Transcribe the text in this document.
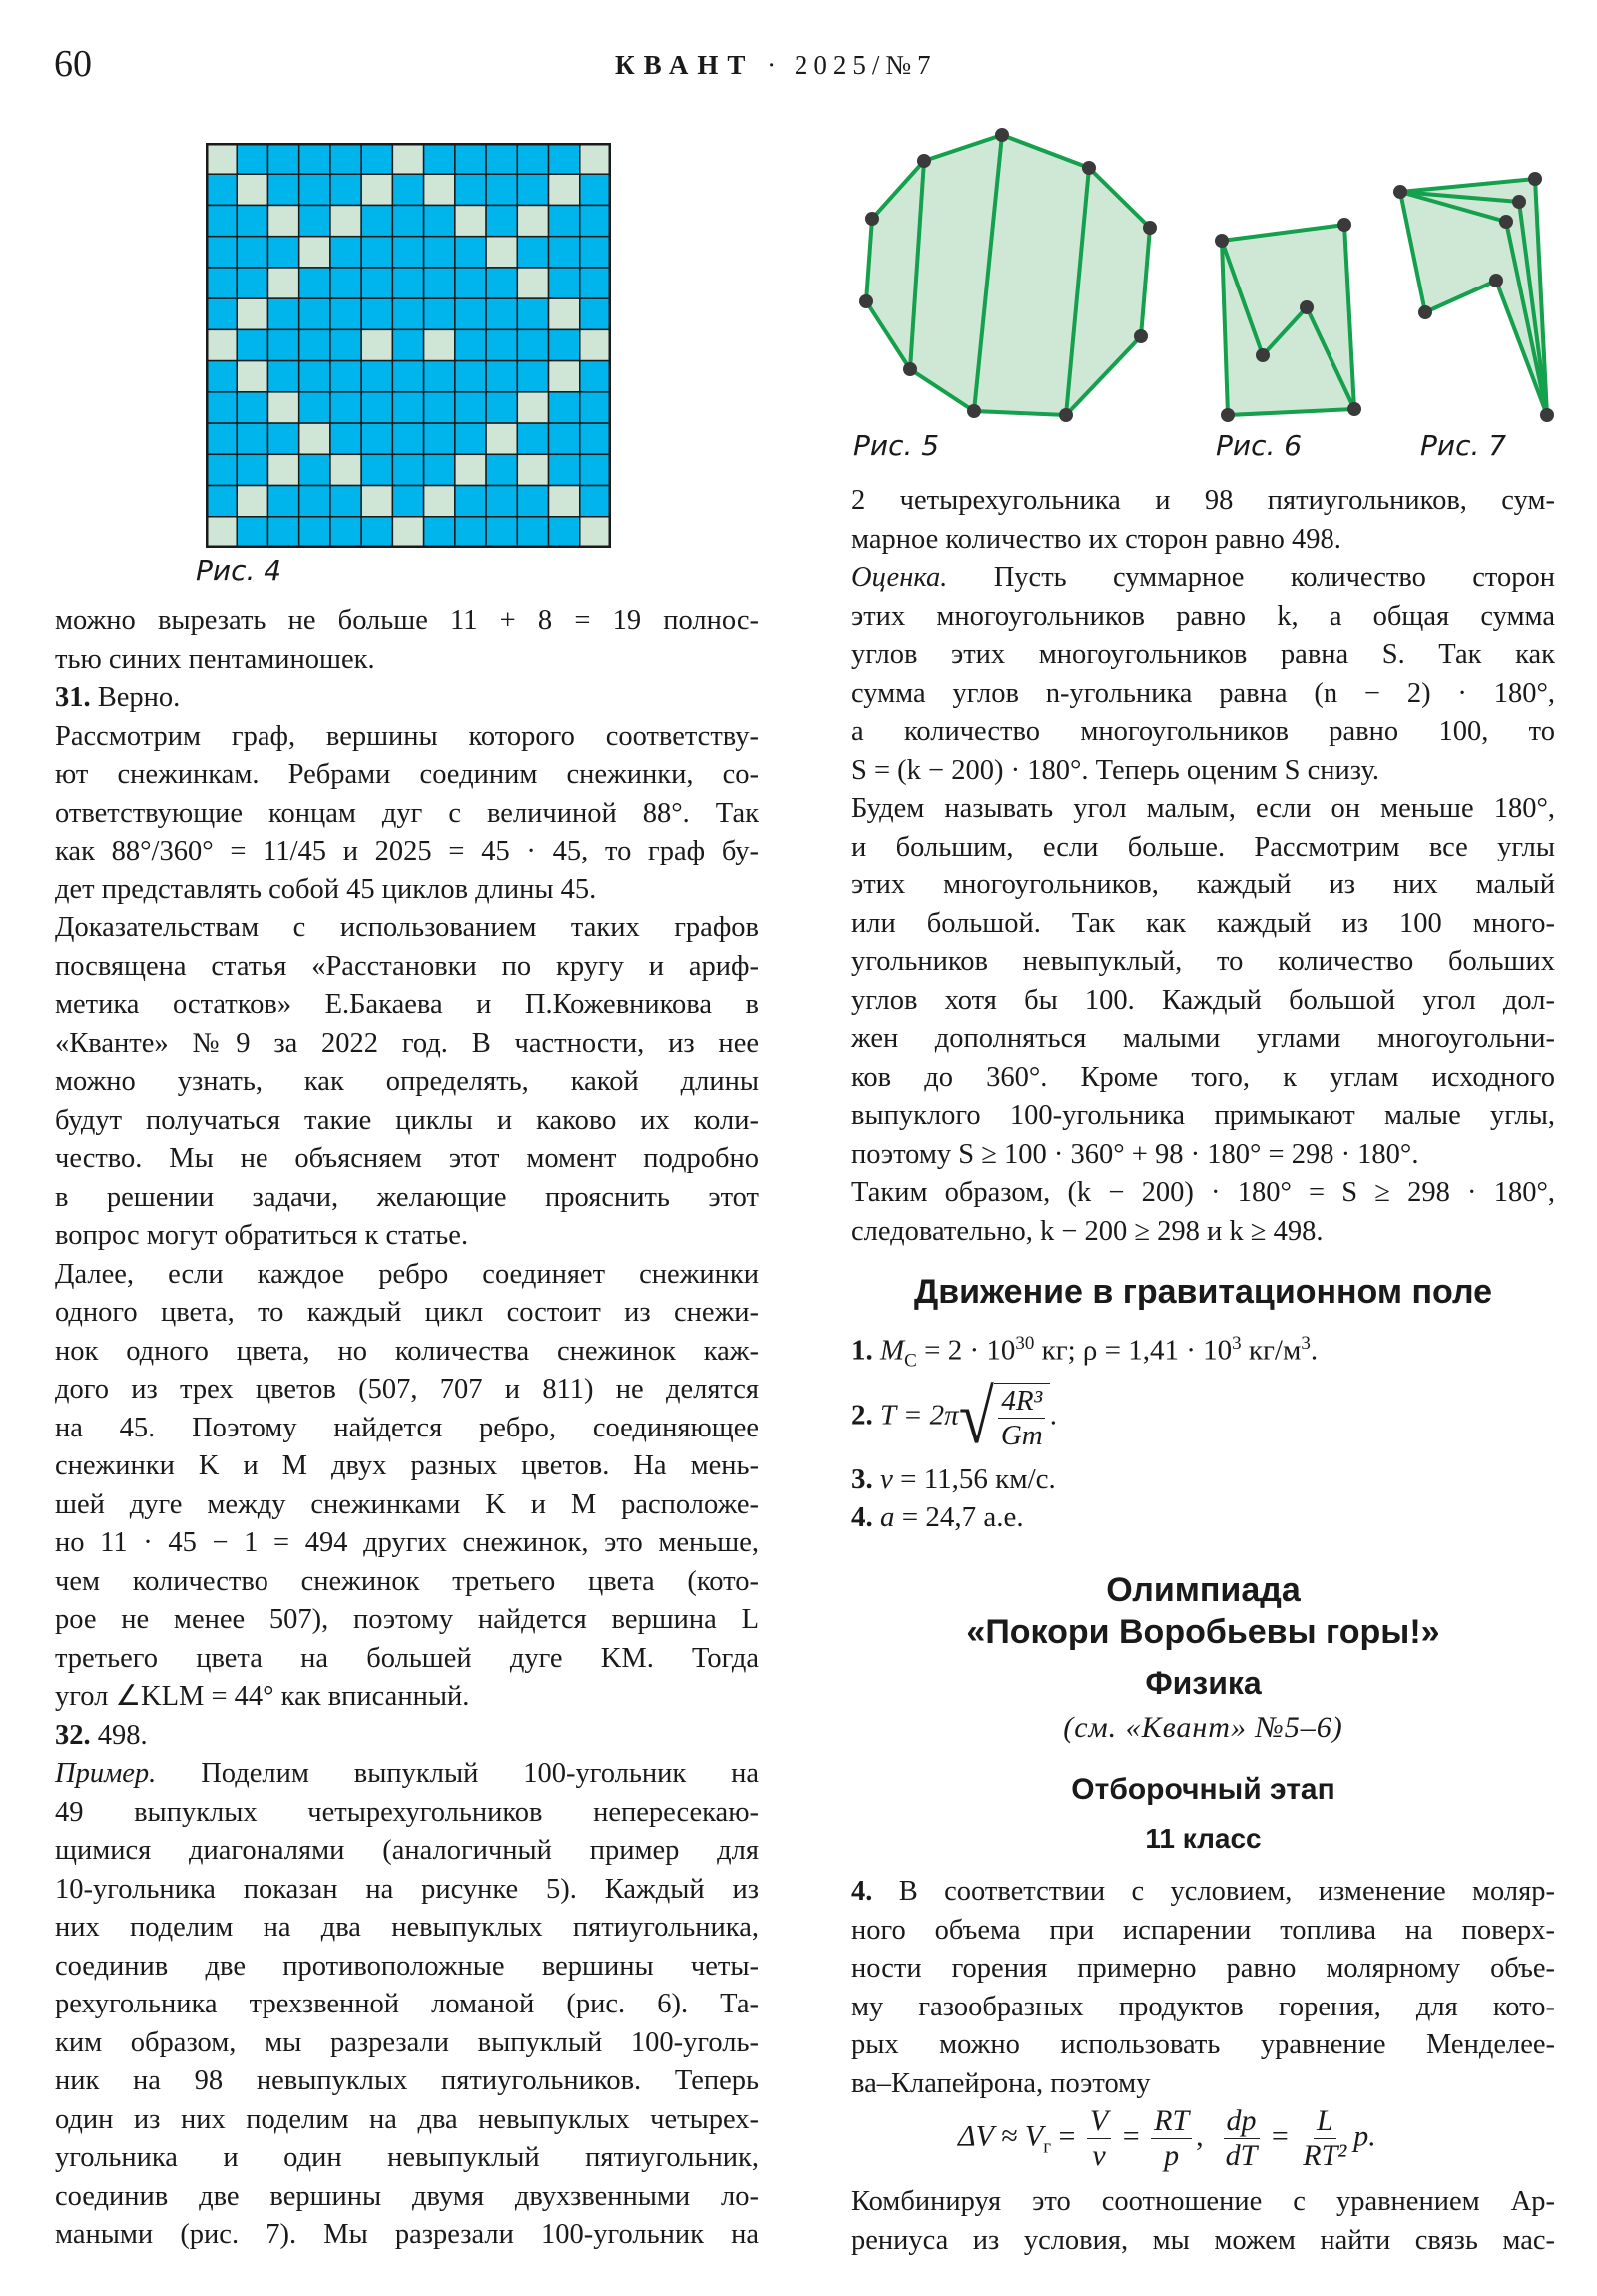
60	КВАНТ · 2025/№7
Рис. 4
Рис. 5	Рис. 6	Рис. 7
можно вырезать не больше 11 + 8 = 19 полнос-
тью синих пентаминошек.
31. Верно.
Рассмотрим граф, вершины которого соответству-
ют снежинкам. Ребрами соединим снежинки, со-
ответствующие концам дуг с величиной 88°. Так
как 88°/360° = 11/45 и 2025 = 45 · 45, то граф бу-
дет представлять собой 45 циклов длины 45.
Доказательствам с использованием таких графов
посвящена статья «Расстановки по кругу и ариф-
метика остатков» Е.Бакаева и П.Кожевникова в
«Кванте» №9 за 2022 год. В частности, из нее
можно узнать, как определять, какой длины
будут получаться такие циклы и каково их коли-
чество. Мы не объясняем этот момент подробно
в решении задачи, желающие прояснить этот
вопрос могут обратиться к статье.
Далее, если каждое ребро соединяет снежинки
одного цвета, то каждый цикл состоит из снежи-
нок одного цвета, но количества снежинок каж-
дого из трех цветов (507, 707 и 811) не делятся
на 45. Поэтому найдется ребро, соединяющее
снежинки K и M двух разных цветов. На мень-
шей дуге между снежинками K и M расположе-
но 11 · 45 − 1 = 494 других снежинок, это меньше,
чем количество снежинок третьего цвета (кото-
рое не менее 507), поэтому найдется вершина L
третьего цвета на большей дуге KM. Тогда
угол ∠KLM = 44° как вписанный.
32. 498.
Пример. Поделим выпуклый 100-угольник на
49 выпуклых четырехугольников непересекаю-
щимися диагоналями (аналогичный пример для
10-угольника показан на рисунке 5). Каждый из
них поделим на два невыпуклых пятиугольника,
соединив две противоположные вершины четы-
рехугольника трехзвенной ломаной (рис. 6). Та-
ким образом, мы разрезали выпуклый 100-уголь-
ник на 98 невыпуклых пятиугольников. Теперь
один из них поделим на два невыпуклых четырех-
угольника и один невыпуклый пятиугольник,
соединив две вершины двумя двухзвенными ло-
маными (рис. 7). Мы разрезали 100-угольник на
2 четырехугольника и 98 пятиугольников, сум-
марное количество их сторон равно 498.
Оценка. Пусть суммарное количество сторон
этих многоугольников равно k, а общая сумма
углов этих многоугольников равна S. Так как
сумма углов n-угольника равна (n − 2) · 180°,
а количество многоугольников равно 100, то
S = (k − 200) · 180°. Теперь оценим S снизу.
Будем называть угол малым, если он меньше 180°,
и большим, если больше. Рассмотрим все углы
этих многоугольников, каждый из них малый
или большой. Так как каждый из 100 много-
угольников невыпуклый, то количество больших
углов хотя бы 100. Каждый большой угол дол-
жен дополняться малыми углами многоугольни-
ков до 360°. Кроме того, к углам исходного
выпуклого 100-угольника примыкают малые углы,
поэтому S ≥ 100 · 360° + 98 · 180° = 298 · 180°.
Таким образом, (k − 200) · 180° = S ≥ 298 · 180°,
следовательно, k − 200 ≥ 298 и k ≥ 498.
Движение в гравитационном поле
1. $M_C = 2 \cdot 10^{30}$ кг; $\rho = 1,41 \cdot 10^3$ $кг/м^3$.
2. T = 2π √ $\frac{\text{4R³}}{Gm}$ .
3. v = 11,56 км/с.
4. a = 24,7 а.е.
Олимпиада
«Покори Воробьевы горы!»
Физика
(см. «Квант» №5–6)
Отборочный этап
11 класс
4. В соответствии с условием, изменение моляр-
ного объема при испарении топлива на поверх-
ности горения примерно равно молярному объе-
му газообразных продуктов горения, для кото-
рых можно использовать уравнение Менделее-
ва–Клапейрона, поэтому
$\Delta V \approx V_г = \frac{V}{\nu} = \frac{RT}{p}$ , $\frac{dp}{dT} = \frac{L}{\text{RT²}} p$.
Комбинируя это соотношение с уравнением Ар-
рениуса из условия, мы можем найти связь мас-
